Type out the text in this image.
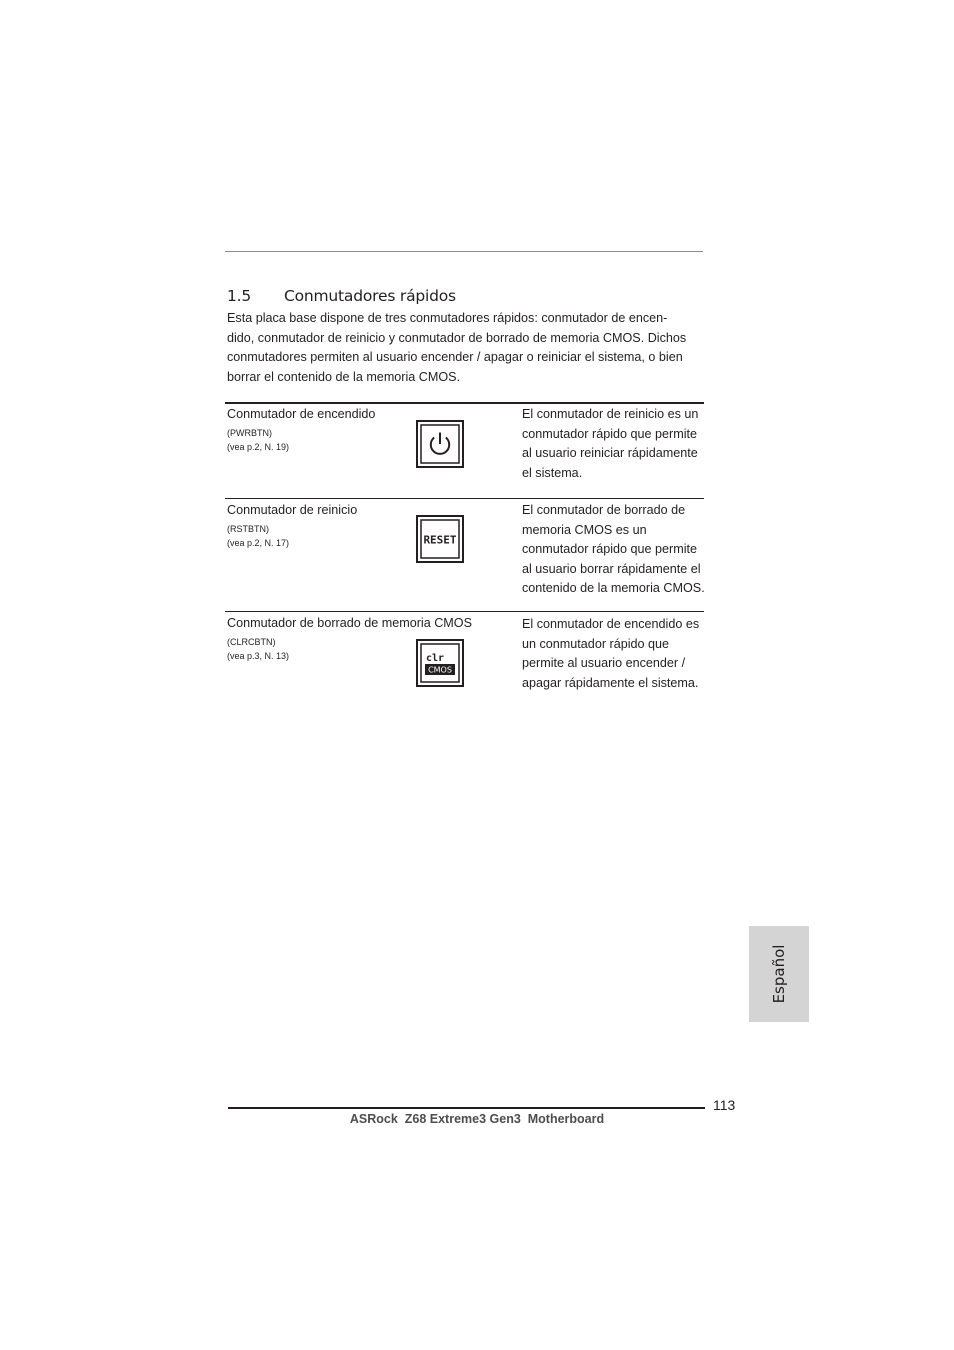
1.5 Conmutadores rápidos

Esta placa base dispone de tres conmutadores rápidos: conmutador de encen-
dido, conmutador de reinicio y conmutador de borrado de memoria CMOS. Dichos
conmutadores permiten al usuario encender / apagar o reiniciar el sistema, o bien
borrar el contenido de la memoria CMOS.

Conmutador de encendido
(PWRBTN)
(vea p.2, N. 19)
El conmutador de reinicio es un
conmutador rápido que permite
al usuario reiniciar rápidamente
el sistema.
Conmutador de reinicio
(RSTBTN)
(vea p.2, N. 17)	RESET
El conmutador de borrado de
memoria CMOS es un
conmutador rápido que permite
al usuario borrar rápidamente el
contenido de la memoria CMOS.
Conmutador de borrado de memoria CMOS
(CLRCBTN)
(vea p.3, N. 13)	clr
CMOS
El conmutador de encendido es
un conmutador rápido que
permite al usuario encender /
apagar rápidamente el sistema.
Español
113
ASRock  Z68 Extreme3 Gen3  Motherboard
